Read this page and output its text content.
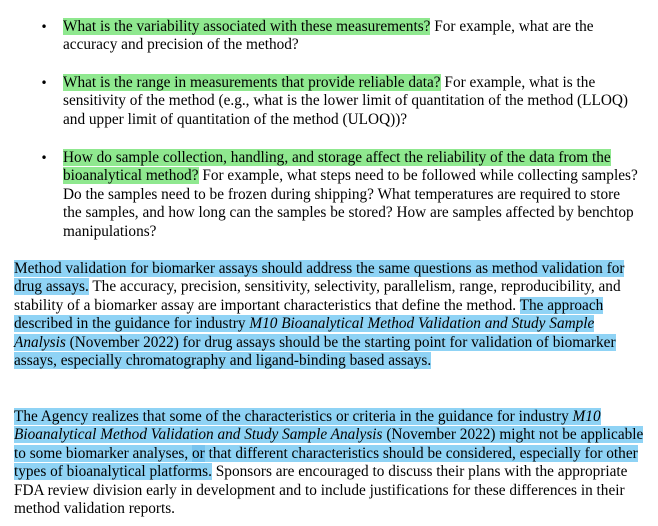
• What is the variability associated with these measurements? For example, what are the accuracy and precision of the method?
• What is the range in measurements that provide reliable data? For example, what is the sensitivity of the method (e.g., what is the lower limit of quantitation of the method (LLOQ) and upper limit of quantitation of the method (ULOQ))?
• How do sample collection, handling, and storage affect the reliability of the data from the bioanalytical method? For example, what steps need to be followed while collecting samples? Do the samples need to be frozen during shipping? What temperatures are required to store the samples, and how long can the samples be stored? How are samples affected by benchtop manipulations?

Method validation for biomarker assays should address the same questions as method validation for drug assays. The accuracy, precision, sensitivity, selectivity, parallelism, range, reproducibility, and stability of a biomarker assay are important characteristics that define the method. The approach described in the guidance for industry M10 Bioanalytical Method Validation and Study Sample Analysis (November 2022) for drug assays should be the starting point for validation of biomarker assays, especially chromatography and ligand-binding based assays.

The Agency realizes that some of the characteristics or criteria in the guidance for industry M10 Bioanalytical Method Validation and Study Sample Analysis (November 2022) might not be applicable to some biomarker analyses, or that different characteristics should be considered, especially for other types of bioanalytical platforms. Sponsors are encouraged to discuss their plans with the appropriate FDA review division early in development and to include justifications for these differences in their method validation reports.
